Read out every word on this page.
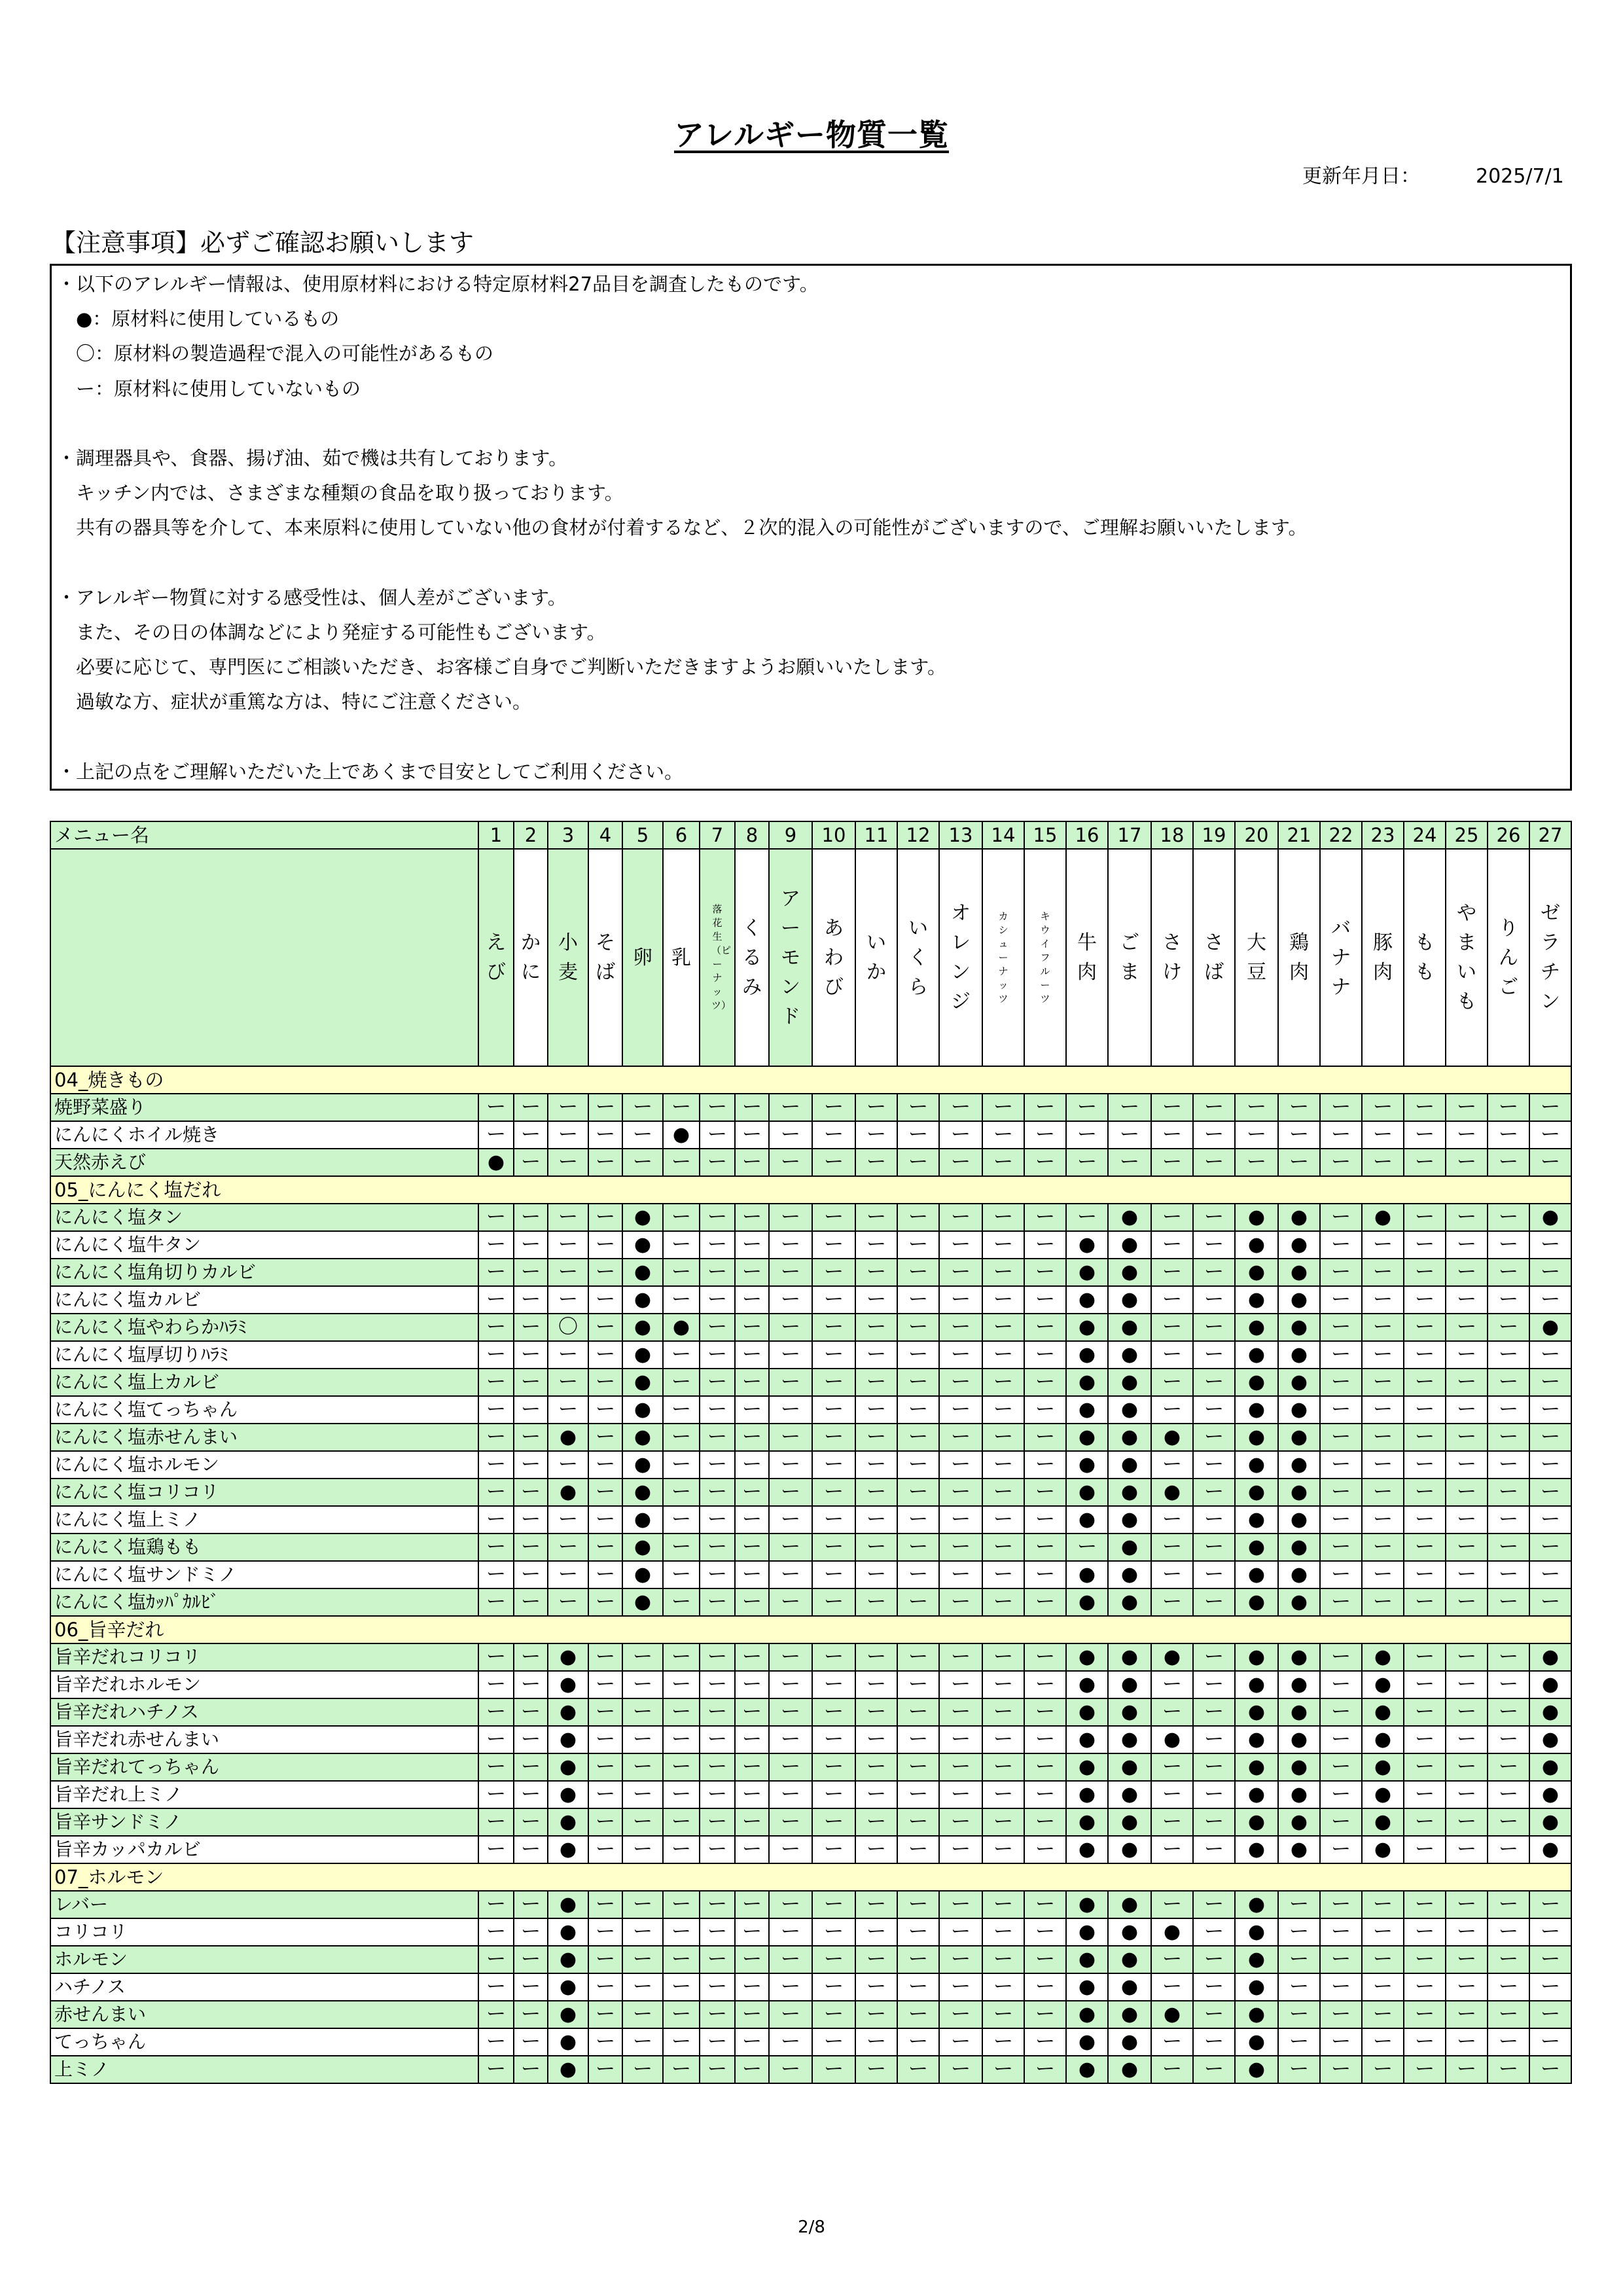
アレルギー物質一覧
更新年月日：	2025/7/1
【注意事項】必ずご確認お願いします
・以下のアレルギー情報は、使用原材料における特定原材料27品目を調査したものです。
　●：原材料に使用しているもの
　〇：原材料の製造過程で混入の可能性があるもの
　ー：原材料に使用していないもの
・調理器具や、食器、揚げ油、茹で機は共有しております。
　キッチン内では、さまざまな種類の食品を取り扱っております。
　共有の器具等を介して、本来原料に使用していない他の食材が付着するなど、２次的混入の可能性がございますので、ご理解お願いいたします。
・アレルギー物質に対する感受性は、個人差がございます。
　また、その日の体調などにより発症する可能性もございます。
　必要に応じて、専門医にご相談いただき、お客様ご自身でご判断いただきますようお願いいたします。
　過敏な方、症状が重篤な方は、特にご注意ください。
・上記の点をご理解いただいた上であくまで目安としてご利用ください。
メニュー名	1	2	3	4	5	6	7	8	9	10	11	12	13	14	15	16	17	18	19	20	21	22	23	24	25	26	27
	えび	かに	小麦	そば	卵	乳	落花生（ピーナッツ）	くるみ	アーモンド	あわび	いか	いくら	オレンジ	カシューナッツ	キウイフルーツ	牛肉	ごま	さけ	さば	大豆	鶏肉	バナナ	豚肉	もも	やまいも	りんご	ゼラチン
04_焼きもの																											
焼野菜盛り	ー	ー	ー	ー	ー	ー	ー	ー	ー	ー	ー	ー	ー	ー	ー	ー	ー	ー	ー	ー	ー	ー	ー	ー	ー	ー	ー
にんにくホイル焼き	ー	ー	ー	ー	ー	●	ー	ー	ー	ー	ー	ー	ー	ー	ー	ー	ー	ー	ー	ー	ー	ー	ー	ー	ー	ー	ー
天然赤えび	●	ー	ー	ー	ー	ー	ー	ー	ー	ー	ー	ー	ー	ー	ー	ー	ー	ー	ー	ー	ー	ー	ー	ー	ー	ー	ー
05_にんにく塩だれ																											
にんにく塩タン	ー	ー	ー	ー	●	ー	ー	ー	ー	ー	ー	ー	ー	ー	ー	ー	●	ー	ー	●	●	ー	●	ー	ー	ー	●
にんにく塩牛タン	ー	ー	ー	ー	●	ー	ー	ー	ー	ー	ー	ー	ー	ー	ー	●	●	ー	ー	●	●	ー	ー	ー	ー	ー	ー
にんにく塩角切りカルビ	ー	ー	ー	ー	●	ー	ー	ー	ー	ー	ー	ー	ー	ー	ー	●	●	ー	ー	●	●	ー	ー	ー	ー	ー	ー
にんにく塩カルビ	ー	ー	ー	ー	●	ー	ー	ー	ー	ー	ー	ー	ー	ー	ー	●	●	ー	ー	●	●	ー	ー	ー	ー	ー	ー
にんにく塩やわらかﾊﾗﾐ	ー	ー	〇	ー	●	●	ー	ー	ー	ー	ー	ー	ー	ー	ー	●	●	ー	ー	●	●	ー	ー	ー	ー	ー	●
にんにく塩厚切りﾊﾗﾐ	ー	ー	ー	ー	●	ー	ー	ー	ー	ー	ー	ー	ー	ー	ー	●	●	ー	ー	●	●	ー	ー	ー	ー	ー	ー
にんにく塩上カルビ	ー	ー	ー	ー	●	ー	ー	ー	ー	ー	ー	ー	ー	ー	ー	●	●	ー	ー	●	●	ー	ー	ー	ー	ー	ー
にんにく塩てっちゃん	ー	ー	ー	ー	●	ー	ー	ー	ー	ー	ー	ー	ー	ー	ー	●	●	ー	ー	●	●	ー	ー	ー	ー	ー	ー
にんにく塩赤せんまい	ー	ー	●	ー	●	ー	ー	ー	ー	ー	ー	ー	ー	ー	ー	●	●	●	ー	●	●	ー	ー	ー	ー	ー	ー
にんにく塩ホルモン	ー	ー	ー	ー	●	ー	ー	ー	ー	ー	ー	ー	ー	ー	ー	●	●	ー	ー	●	●	ー	ー	ー	ー	ー	ー
にんにく塩コリコリ	ー	ー	●	ー	●	ー	ー	ー	ー	ー	ー	ー	ー	ー	ー	●	●	●	ー	●	●	ー	ー	ー	ー	ー	ー
にんにく塩上ミノ	ー	ー	ー	ー	●	ー	ー	ー	ー	ー	ー	ー	ー	ー	ー	●	●	ー	ー	●	●	ー	ー	ー	ー	ー	ー
にんにく塩鶏もも	ー	ー	ー	ー	●	ー	ー	ー	ー	ー	ー	ー	ー	ー	ー	ー	●	ー	ー	●	●	ー	ー	ー	ー	ー	ー
にんにく塩サンドミノ	ー	ー	ー	ー	●	ー	ー	ー	ー	ー	ー	ー	ー	ー	ー	●	●	ー	ー	●	●	ー	ー	ー	ー	ー	ー
にんにく塩ｶｯﾊﾟｶﾙﾋﾞ	ー	ー	ー	ー	●	ー	ー	ー	ー	ー	ー	ー	ー	ー	ー	●	●	ー	ー	●	●	ー	ー	ー	ー	ー	ー
06_旨辛だれ																											
旨辛だれコリコリ	ー	ー	●	ー	ー	ー	ー	ー	ー	ー	ー	ー	ー	ー	ー	●	●	●	ー	●	●	ー	●	ー	ー	ー	●
旨辛だれホルモン	ー	ー	●	ー	ー	ー	ー	ー	ー	ー	ー	ー	ー	ー	ー	●	●	ー	ー	●	●	ー	●	ー	ー	ー	●
旨辛だれハチノス	ー	ー	●	ー	ー	ー	ー	ー	ー	ー	ー	ー	ー	ー	ー	●	●	ー	ー	●	●	ー	●	ー	ー	ー	●
旨辛だれ赤せんまい	ー	ー	●	ー	ー	ー	ー	ー	ー	ー	ー	ー	ー	ー	ー	●	●	●	ー	●	●	ー	●	ー	ー	ー	●
旨辛だれてっちゃん	ー	ー	●	ー	ー	ー	ー	ー	ー	ー	ー	ー	ー	ー	ー	●	●	ー	ー	●	●	ー	●	ー	ー	ー	●
旨辛だれ上ミノ	ー	ー	●	ー	ー	ー	ー	ー	ー	ー	ー	ー	ー	ー	ー	●	●	ー	ー	●	●	ー	●	ー	ー	ー	●
旨辛サンドミノ	ー	ー	●	ー	ー	ー	ー	ー	ー	ー	ー	ー	ー	ー	ー	●	●	ー	ー	●	●	ー	●	ー	ー	ー	●
旨辛カッパカルビ	ー	ー	●	ー	ー	ー	ー	ー	ー	ー	ー	ー	ー	ー	ー	●	●	ー	ー	●	●	ー	●	ー	ー	ー	●
07_ホルモン																											
レバー	ー	ー	●	ー	ー	ー	ー	ー	ー	ー	ー	ー	ー	ー	ー	●	●	ー	ー	●	ー	ー	ー	ー	ー	ー	ー
コリコリ	ー	ー	●	ー	ー	ー	ー	ー	ー	ー	ー	ー	ー	ー	ー	●	●	●	ー	●	ー	ー	ー	ー	ー	ー	ー
ホルモン	ー	ー	●	ー	ー	ー	ー	ー	ー	ー	ー	ー	ー	ー	ー	●	●	ー	ー	●	ー	ー	ー	ー	ー	ー	ー
ハチノス	ー	ー	●	ー	ー	ー	ー	ー	ー	ー	ー	ー	ー	ー	ー	●	●	ー	ー	●	ー	ー	ー	ー	ー	ー	ー
赤せんまい	ー	ー	●	ー	ー	ー	ー	ー	ー	ー	ー	ー	ー	ー	ー	●	●	●	ー	●	ー	ー	ー	ー	ー	ー	ー
てっちゃん	ー	ー	●	ー	ー	ー	ー	ー	ー	ー	ー	ー	ー	ー	ー	●	●	ー	ー	●	ー	ー	ー	ー	ー	ー	ー
上ミノ	ー	ー	●	ー	ー	ー	ー	ー	ー	ー	ー	ー	ー	ー	ー	●	●	ー	ー	●	ー	ー	ー	ー	ー	ー	ー
2/8
